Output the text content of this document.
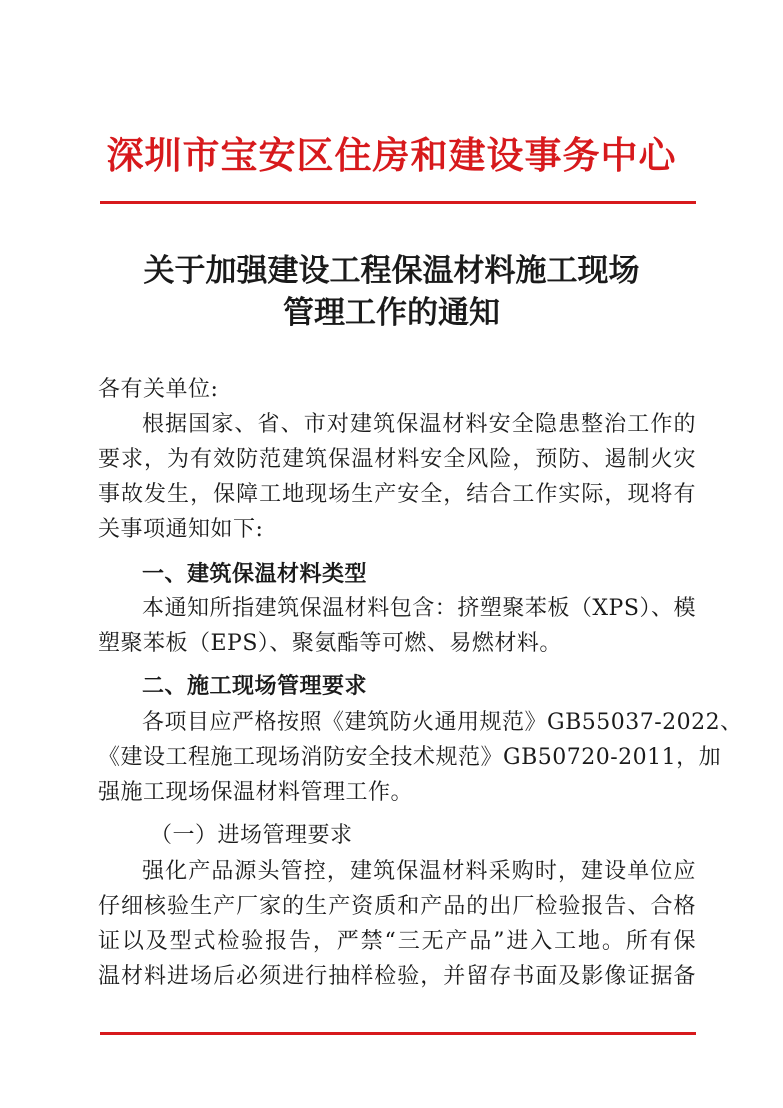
深圳市宝安区住房和建设事务中心
关于加强建设工程保温材料施工现场
管理工作的通知
各有关单位:
根据国家、省、市对建筑保温材料安全隐患整治工作的
要求，为有效防范建筑保温材料安全风险，预防、遏制火灾
事故发生，保障工地现场生产安全，结合工作实际，现将有
关事项通知如下:
一、建筑保温材料类型
本通知所指建筑保温材料包含：挤塑聚苯板（XPS）、模
塑聚苯板（EPS）、聚氨酯等可燃、易燃材料。
二、施工现场管理要求
各项目应严格按照《建筑防火通用规范》GB55037-2022、
《建设工程施工现场消防安全技术规范》GB50720-2011，加
强施工现场保温材料管理工作。
（一）进场管理要求
强化产品源头管控，建筑保温材料采购时，建设单位应
仔细核验生产厂家的生产资质和产品的出厂检验报告、合格
证以及型式检验报告，严禁“三无产品”进入工地。所有保
温材料进场后必须进行抽样检验，并留存书面及影像证据备
